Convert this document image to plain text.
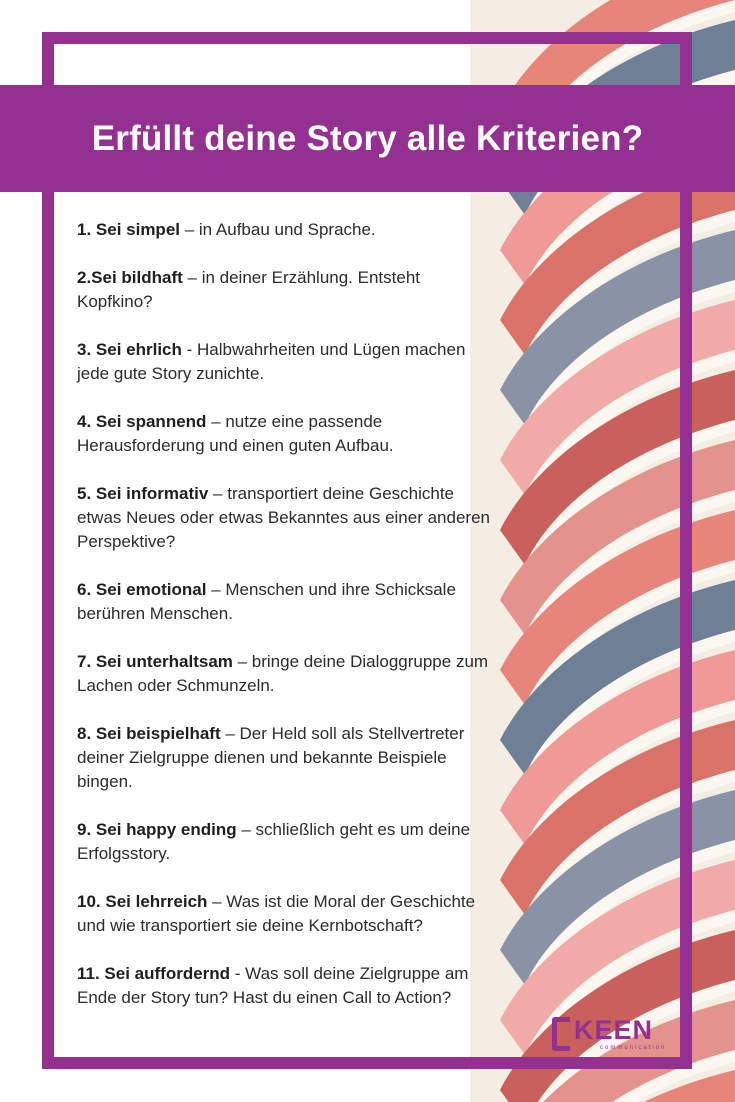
Erfüllt deine Story alle Kriterien?
1. Sei simpel – in Aufbau und Sprache.
2.Sei bildhaft – in deiner Erzählung. Entsteht Kopfkino?
3. Sei ehrlich - Halbwahrheiten und Lügen machen jede gute Story zunichte.
4. Sei spannend – nutze eine passende Herausforderung und einen guten Aufbau.
5. Sei informativ – transportiert deine Geschichte etwas Neues oder etwas Bekanntes aus einer anderen Perspektive?
6. Sei emotional – Menschen und ihre Schicksale berühren Menschen.
7. Sei unterhaltsam – bringe deine Dialoggruppe zum Lachen oder Schmunzeln.
8. Sei beispielhaft – Der Held soll als Stellvertreter deiner Zielgruppe dienen und bekannte Beispiele bingen.
9. Sei happy ending – schließlich geht es um deine Erfolgsstory.
10. Sei lehrreich – Was ist die Moral der Geschichte und wie transportiert sie deine Kernbotschaft?
11. Sei auffordernd - Was soll deine Zielgruppe am Ende der Story tun? Hast du einen Call to Action?
KEEN
communication
